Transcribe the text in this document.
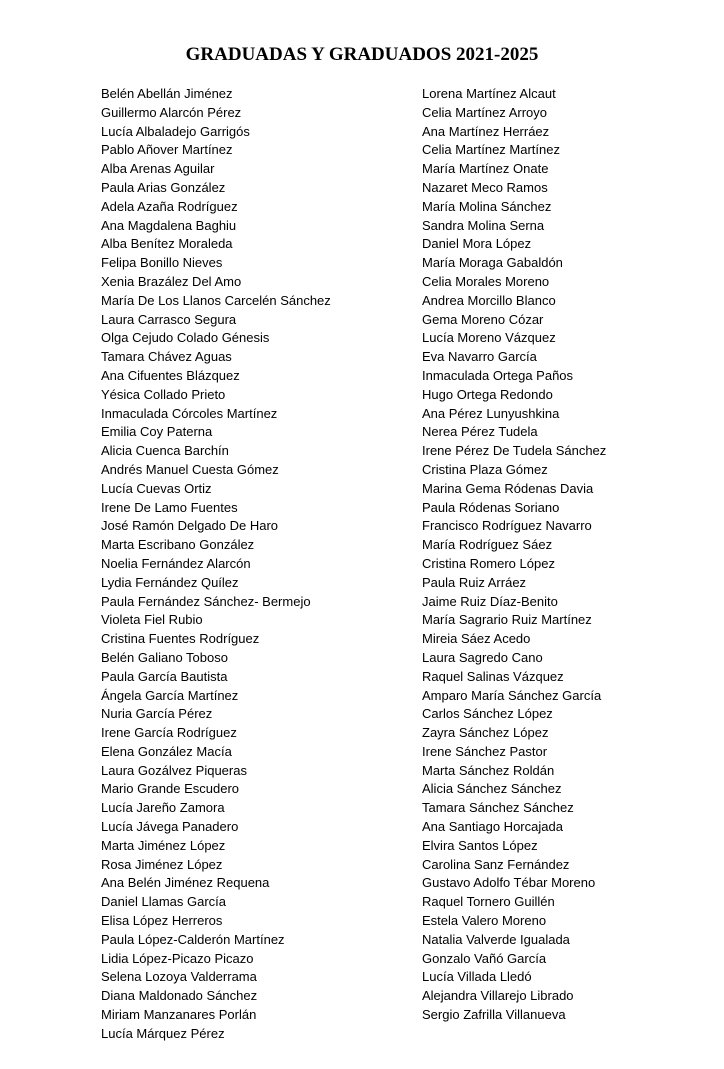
GRADUADAS Y GRADUADOS 2021-2025
Belén Abellán Jiménez
Guillermo Alarcón Pérez
Lucía Albaladejo Garrigós
Pablo Añover Martínez
Alba Arenas Aguilar
Paula Arias González
Adela Azaña Rodríguez
Ana Magdalena Baghiu
Alba Benítez Moraleda
Felipa Bonillo Nieves
Xenia Brazález Del Amo
María De Los Llanos Carcelén Sánchez
Laura Carrasco Segura
Olga Cejudo Colado Génesis
Tamara Chávez Aguas
Ana Cifuentes Blázquez
Yésica Collado Prieto
Inmaculada Córcoles Martínez
Emilia Coy Paterna
Alicia Cuenca Barchín
Andrés Manuel Cuesta Gómez
Lucía Cuevas Ortiz
Irene De Lamo Fuentes
José Ramón Delgado De Haro
Marta Escribano González
Noelia Fernández Alarcón
Lydia Fernández Quílez
Paula Fernández Sánchez- Bermejo
Violeta Fiel Rubio
Cristina Fuentes Rodríguez
Belén Galiano Toboso
Paula García Bautista
Ángela García Martínez
Nuria García Pérez
Irene García Rodríguez
Elena González Macía
Laura Gozálvez Piqueras
Mario Grande Escudero
Lucía Jareño Zamora
Lucía Jávega Panadero
Marta Jiménez López
Rosa Jiménez López
Ana Belén Jiménez Requena
Daniel Llamas García
Elisa López Herreros
Paula López-Calderón Martínez
Lidia López-Picazo Picazo
Selena Lozoya Valderrama
Diana Maldonado Sánchez
Miriam Manzanares Porlán
Lucía Márquez Pérez
Lorena Martínez Alcaut
Celia Martínez Arroyo
Ana Martínez Herráez
Celia Martínez Martínez
María Martínez Onate
Nazaret Meco Ramos
María Molina Sánchez
Sandra Molina Serna
Daniel Mora López
María Moraga Gabaldón
Celia Morales Moreno
Andrea Morcillo Blanco
Gema Moreno Cózar
Lucía Moreno Vázquez
Eva Navarro García
Inmaculada Ortega Paños
Hugo Ortega Redondo
Ana Pérez Lunyushkina
Nerea Pérez Tudela
Irene Pérez De Tudela Sánchez
Cristina Plaza Gómez
Marina Gema Ródenas Davia
Paula Ródenas Soriano
Francisco Rodríguez Navarro
María Rodríguez Sáez
Cristina Romero López
Paula Ruiz Arráez
Jaime Ruiz Díaz-Benito
María Sagrario Ruiz Martínez
Mireia Sáez Acedo
Laura Sagredo Cano
Raquel Salinas Vázquez
Amparo María Sánchez García
Carlos Sánchez López
Zayra Sánchez López
Irene Sánchez Pastor
Marta Sánchez Roldán
Alicia Sánchez Sánchez
Tamara Sánchez Sánchez
Ana Santiago Horcajada
Elvira Santos López
Carolina Sanz Fernández
Gustavo Adolfo Tébar Moreno
Raquel Tornero Guillén
Estela Valero Moreno
Natalia Valverde Igualada
Gonzalo Vañó García
Lucía Villada Lledó
Alejandra Villarejo Librado
Sergio Zafrilla Villanueva
